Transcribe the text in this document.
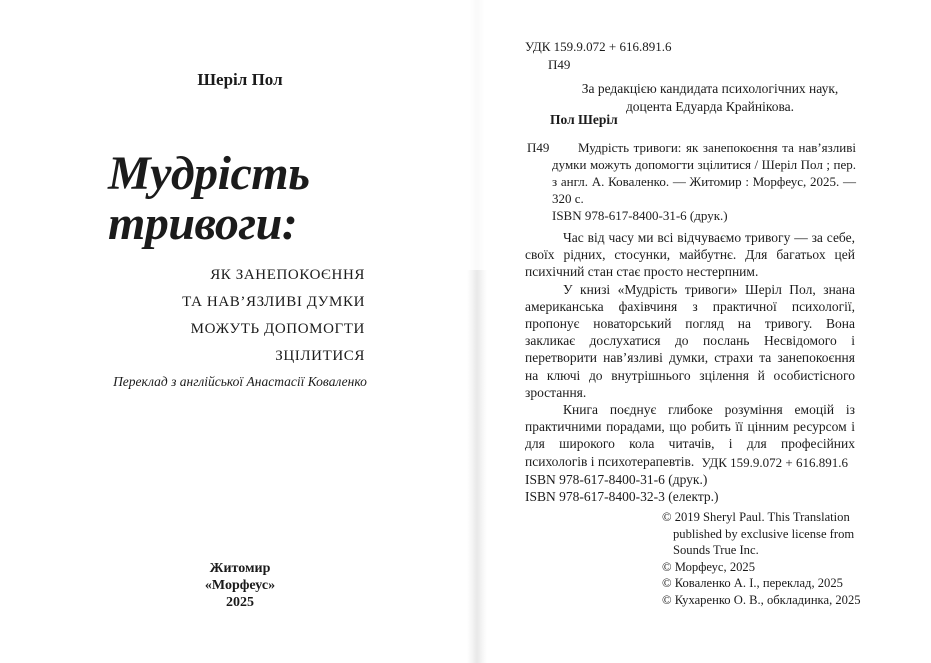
Шеріл Пол
Мудрість
тривоги:
ЯК ЗАНЕПОКОЄННЯ
ТА НАВ’ЯЗЛИВІ ДУМКИ
МОЖУТЬ ДОПОМОГТИ
ЗЦІЛИТИСЯ
Переклад з англійської Анастасії Коваленко
Житомир
«Морфеус»
2025
УДК 159.9.072 + 616.891.6
П49
За редакцією кандидата психологічних наук,
доцента Едуарда Крайнікова.
Пол Шеріл
П49	Мудрість тривоги: як занепокоєння та нав’язливі думки можуть допомогти зцілитися / Шеріл Пол ; пер. з англ. А. Коваленко. — Житомир : Морфеус, 2025. — 320 с.

ISBN 978-617-8400-31-6 (друк.)

Час від часу ми всі відчуваємо тривогу — за себе, своїх рідних, стосунки, майбутнє. Для багатьох цей психічний стан стає просто нестерпним.

У книзі «Мудрість тривоги» Шеріл Пол, знана американська фахівчиня з практичної психології, пропонує новаторський погляд на тривогу. Вона закликає дослухатися до послань Несвідомого і перетворити нав’язливі думки, страхи та занепокоєння на ключі до внутрішнього зцілення й особистісного зростання.

Книга поєднує глибоке розуміння емоцій із практичними порадами, що робить її цінним ресурсом і для широкого кола читачів, і для професійних психологів і психотерапевтів. УДК 159.9.072 + 616.891.6
ISBN 978-617-8400-31-6 (друк.)
ISBN 978-617-8400-32-3 (електр.)
© 2019 Sheryl Paul. This Translation
published by exclusive license from
Sounds True Inc.
© Морфеус, 2025
© Коваленко А. І., переклад, 2025
© Кухаренко О. В., обкладинка, 2025
